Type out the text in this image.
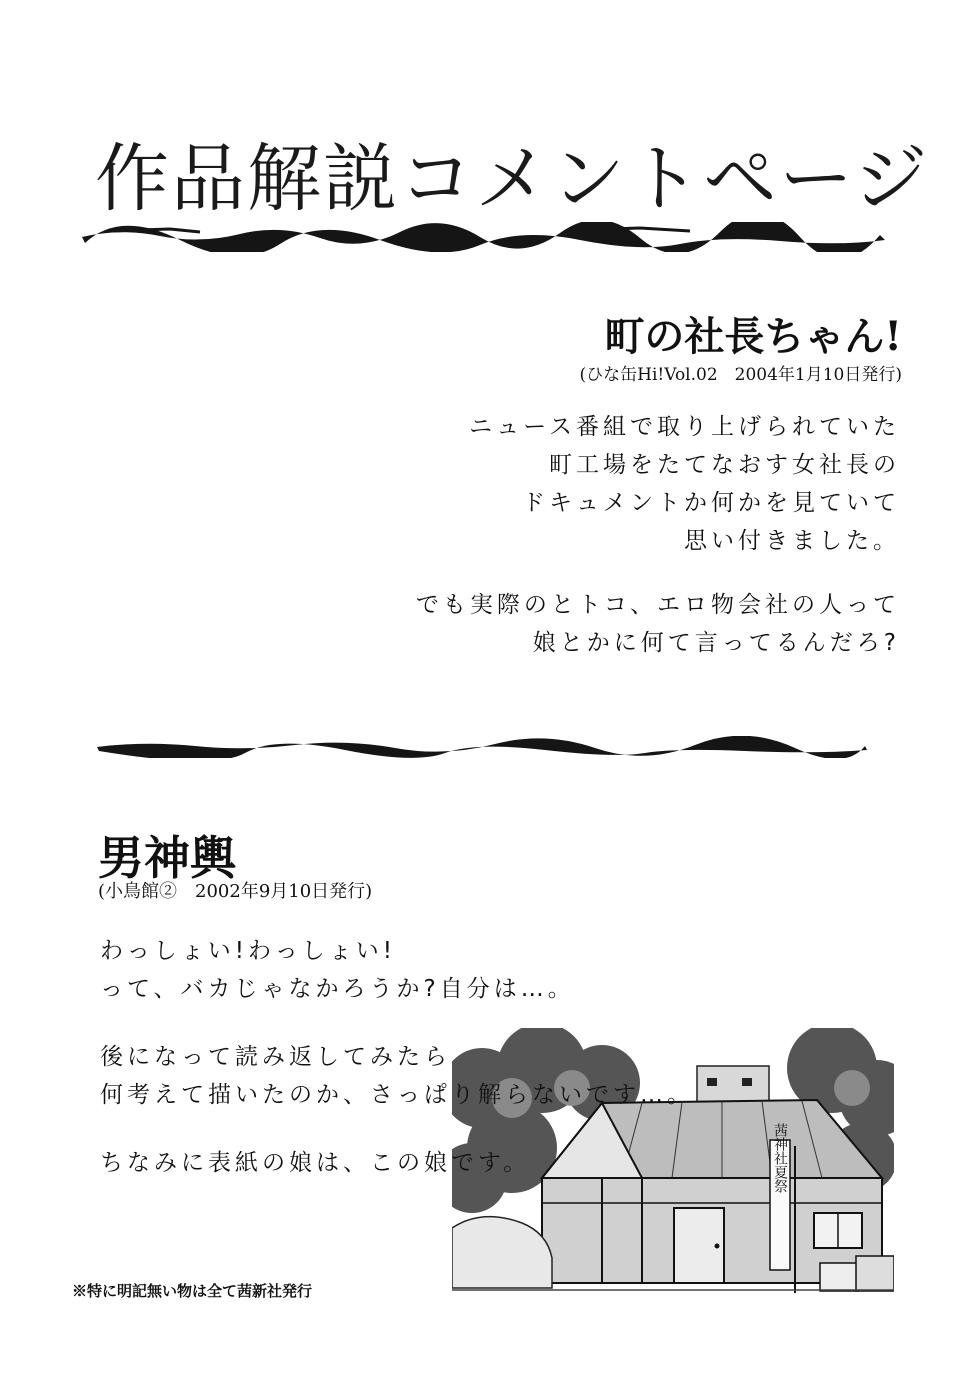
作品解説コメントページ
町の社長ちゃん!
(ひな缶Hi!Vol.02　2004年1月10日発行)
ニュース番組で取り上げられていた
町工場をたてなおす女社長の
ドキュメントか何かを見ていて
思い付きました。
でも実際のとトコ、エロ物会社の人って
娘とかに何て言ってるんだろ?
男神輿
(小鳥館②　2002年9月10日発行)
わっしょい!わっしょい!
って、バカじゃなかろうか?自分は…。
茜神社夏祭
後になって読み返してみたら
何考えて描いたのか、さっぱり解らないです…。
ちなみに表紙の娘は、この娘です。
※特に明記無い物は全て茜新社発行
